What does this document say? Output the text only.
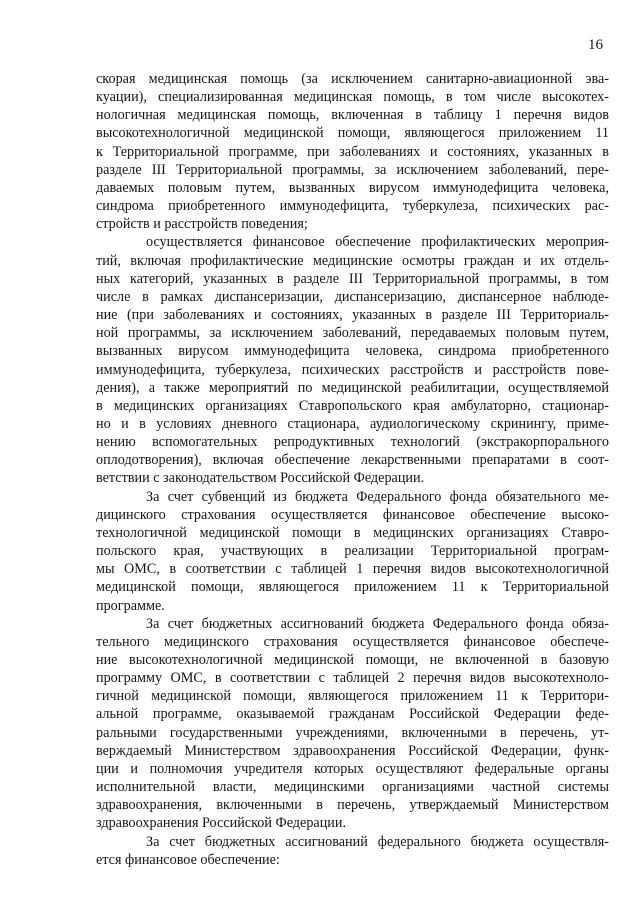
16
скорая медицинская помощь (за исключением санитарно-авиационной эва-
куации), специализированная медицинская помощь, в том числе высокотех-
нологичная медицинская помощь, включенная в таблицу 1 перечня видов
высокотехнологичной медицинской помощи, являющегося приложением 11
к Территориальной программе, при заболеваниях и состояниях, указанных в
разделе III Территориальной программы, за исключением заболеваний, пере-
даваемых половым путем, вызванных вирусом иммунодефицита человека,
синдрома приобретенного иммунодефицита, туберкулеза, психических рас-
стройств и расстройств поведения;
осуществляется финансовое обеспечение профилактических мероприя-
тий, включая профилактические медицинские осмотры граждан и их отдель-
ных категорий, указанных в разделе III Территориальной программы, в том
числе в рамках диспансеризации, диспансеризацию, диспансерное наблюде-
ние (при заболеваниях и состояниях, указанных в разделе III Территориаль-
ной программы, за исключением заболеваний, передаваемых половым путем,
вызванных вирусом иммунодефицита человека, синдрома приобретенного
иммунодефицита, туберкулеза, психических расстройств и расстройств пове-
дения), а также мероприятий по медицинской реабилитации, осуществляемой
в медицинских организациях Ставропольского края амбулаторно, стационар-
но и в условиях дневного стационара, аудиологическому скринингу, приме-
нению вспомогательных репродуктивных технологий (экстракорпорального
оплодотворения), включая обеспечение лекарственными препаратами в соот-
ветствии с законодательством Российской Федерации.
За счет субвенций из бюджета Федерального фонда обязательного ме-
дицинского страхования осуществляется финансовое обеспечение высоко-
технологичной медицинской помощи в медицинских организациях Ставро-
польского края, участвующих в реализации Территориальной програм-
мы ОМС, в соответствии с таблицей 1 перечня видов высокотехнологичной
медицинской помощи, являющегося приложением 11 к Территориальной
программе.
За счет бюджетных ассигнований бюджета Федерального фонда обяза-
тельного медицинского страхования осуществляется финансовое обеспече-
ние высокотехнологичной медицинской помощи, не включенной в базовую
программу ОМС, в соответствии с таблицей 2 перечня видов высокотехноло-
гичной медицинской помощи, являющегося приложением 11 к Территори-
альной программе, оказываемой гражданам Российской Федерации феде-
ральными государственными учреждениями, включенными в перечень, ут-
верждаемый Министерством здравоохранения Российской Федерации, функ-
ции и полномочия учредителя которых осуществляют федеральные органы
исполнительной власти, медицинскими организациями частной системы
здравоохранения, включенными в перечень, утверждаемый Министерством
здравоохранения Российской Федерации.
За счет бюджетных ассигнований федерального бюджета осуществля-
ется финансовое обеспечение:
